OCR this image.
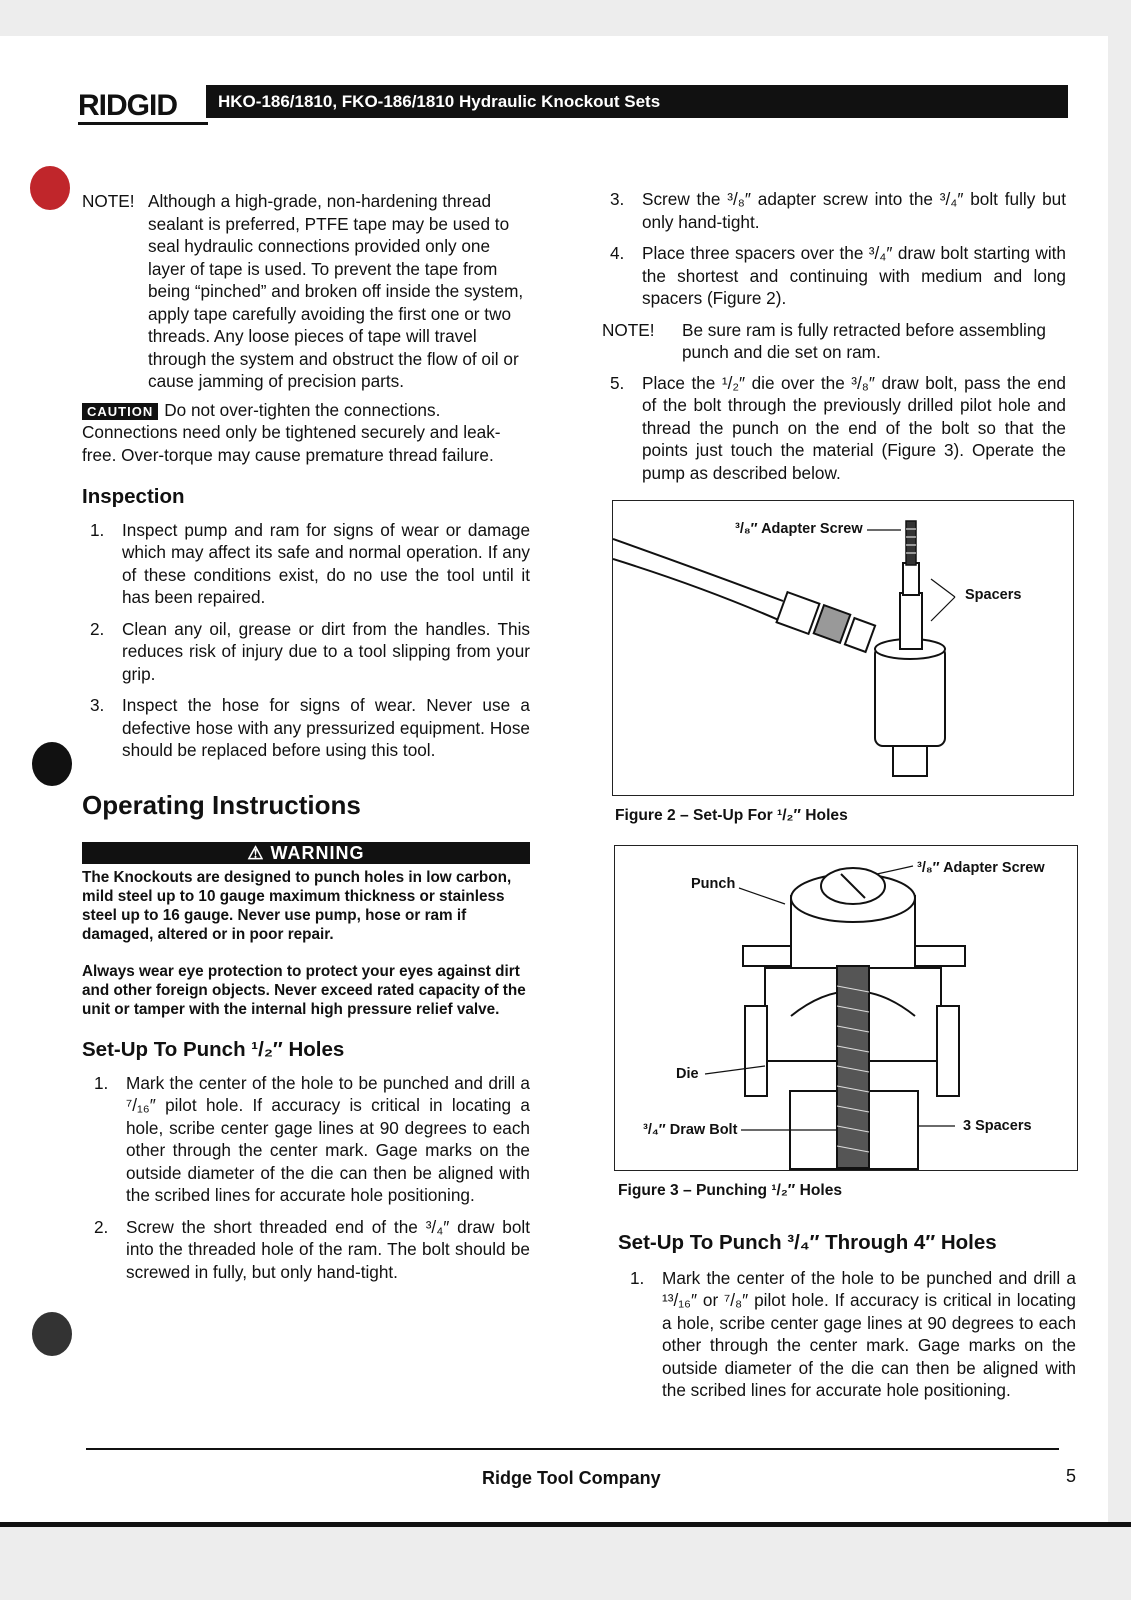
RIDGID	HKO-186/1810, FKO-186/1810 Hydraulic Knockout Sets
NOTE! Although a high-grade, non-hardening thread sealant is preferred, PTFE tape may be used to seal hydraulic connections provided only one layer of tape is used. To prevent the tape from being “pinched” and broken off inside the system, apply tape carefully avoiding the first one or two threads. Any loose pieces of tape will travel through the system and obstruct the flow of oil or cause jamming of precision parts.
CAUTION Do not over-tighten the connections. Connections need only be tightened securely and leak-free. Over-torque may cause premature thread failure.
Inspection
1.	Inspect pump and ram for signs of wear or damage which may affect its safe and normal operation. If any of these conditions exist, do no use the tool until it has been repaired.
2.	Clean any oil, grease or dirt from the handles. This reduces risk of injury due to a tool slipping from your grip.
3.	Inspect the hose for signs of wear. Never use a defective hose with any pressurized equipment. Hose should be replaced before using this tool.
Operating Instructions
⚠ WARNING

The Knockouts are designed to punch holes in low carbon, mild steel up to 10 gauge maximum thickness or stainless steel up to 16 gauge. Never use pump, hose or ram if damaged, altered or in poor repair.

Always wear eye protection to protect your eyes against dirt and other foreign objects. Never exceed rated capacity of the unit or tamper with the internal high pressure relief valve.

Set-Up To Punch ¹/₂″ Holes
1.	Mark the center of the hole to be punched and drill a ⁷/₁₆″ pilot hole. If accuracy is critical in locating a hole, scribe center gage lines at 90 degrees to each other through the center mark. Gage marks on the outside diameter of the die can then be aligned with the scribed lines for accurate hole positioning.
2.	Screw the short threaded end of the ³/₄″ draw bolt into the threaded hole of the ram. The bolt should be screwed in fully, but only hand-tight.
3.	Screw the ³/₈″ adapter screw into the ³/₄″ bolt fully but only hand-tight.
4.	Place three spacers over the ³/₄″ draw bolt starting with the shortest and continuing with medium and long spacers (Figure 2).
NOTE!	Be sure ram is fully retracted before assembling punch and die set on ram.
5.	Place the ¹/₂″ die over the ³/₈″ draw bolt, pass the end of the bolt through the previously drilled pilot hole and thread the punch on the end of the bolt so that the points just touch the material (Figure 3). Operate the pump as described below.
³/₈″ Adapter Screw
Spacers
Figure 2 – Set-Up For ¹/₂″ Holes
Punch
³/₈″ Adapter Screw
Die
³/₄″ Draw Bolt	3 Spacers
Figure 3 – Punching ¹/₂″ Holes
Set-Up To Punch ³/₄″ Through 4″ Holes
1.	Mark the center of the hole to be punched and drill a ¹³/₁₆″ or ⁷/₈″ pilot hole. If accuracy is critical in locating a hole, scribe center gage lines at 90 degrees to each other through the center mark. Gage marks on the outside diameter of the die can then be aligned with the scribed lines for accurate hole positioning.
Ridge Tool Company	5
